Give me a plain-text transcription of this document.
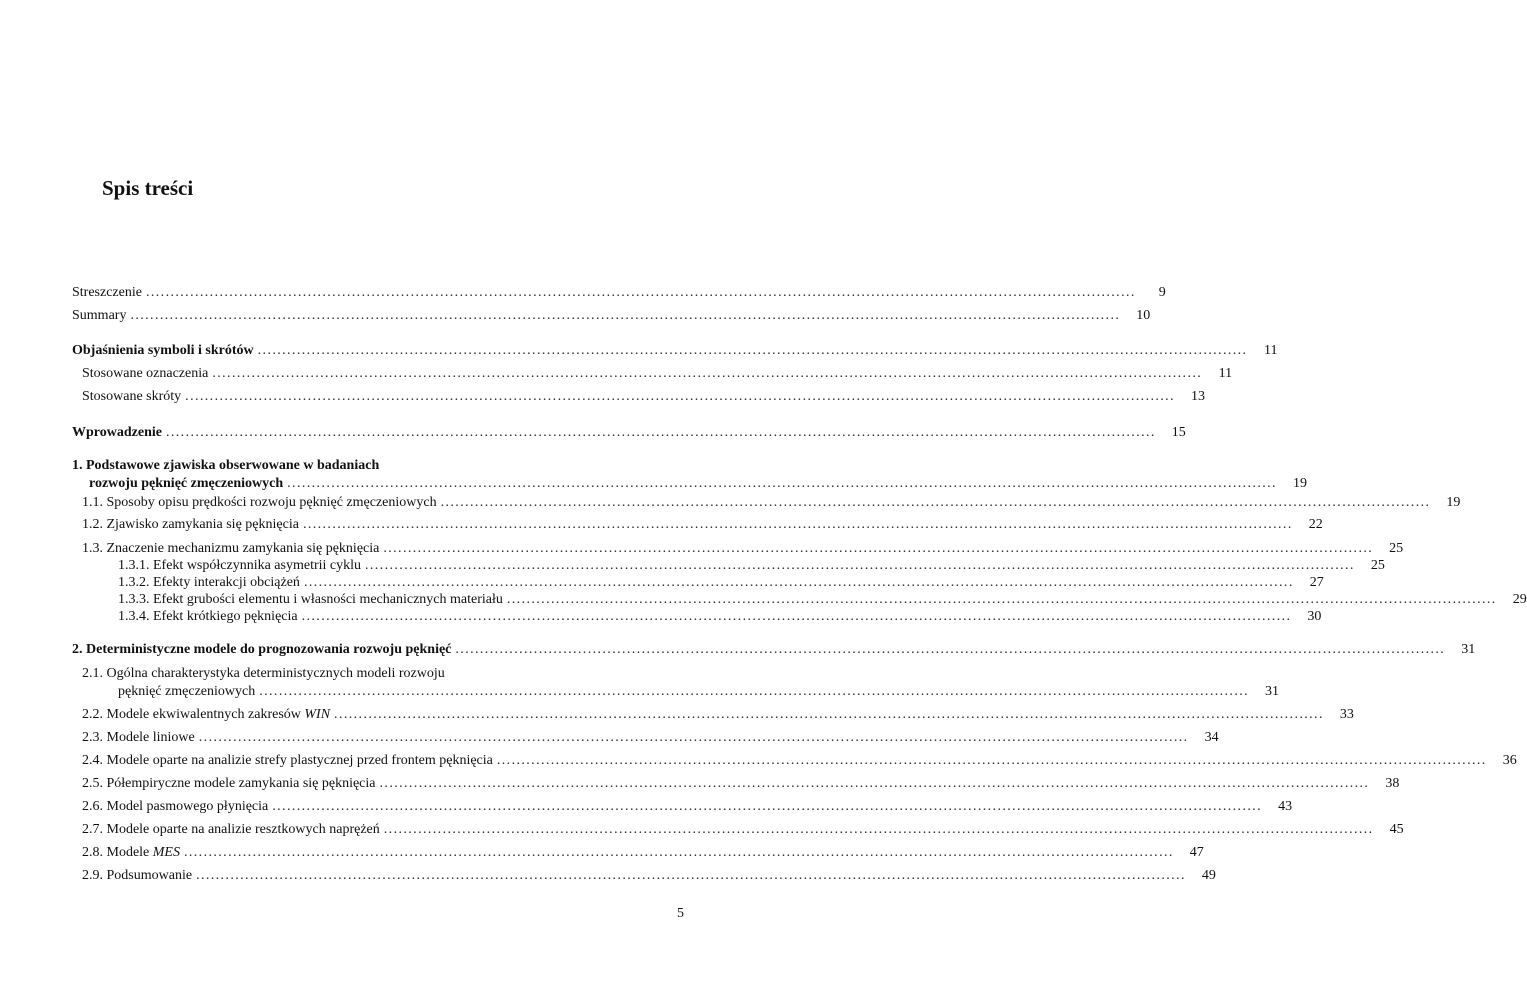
Spis treści
Streszczenie ..........................................................................................................................................................................................................	9
Summary ..........................................................................................................................................................................................................	10
Objaśnienia symboli i skrótów ..........................................................................................................................................................................................................	11
Stosowane oznaczenia ..........................................................................................................................................................................................................	11
Stosowane skróty ..........................................................................................................................................................................................................	13
Wprowadzenie ..........................................................................................................................................................................................................	15
1. Podstawowe zjawiska obserwowane w badaniach
rozwoju pęknięć zmęczeniowych ..........................................................................................................................................................................................................	19
1.1. Sposoby opisu prędkości rozwoju pęknięć zmęczeniowych ..........................................................................................................................................................................................................	19
1.2. Zjawisko zamykania się pęknięcia ..........................................................................................................................................................................................................	22
1.3. Znaczenie mechanizmu zamykania się pęknięcia ..........................................................................................................................................................................................................	25
1.3.1. Efekt współczynnika asymetrii cyklu ..........................................................................................................................................................................................................	25
1.3.2. Efekty interakcji obciążeń ..........................................................................................................................................................................................................	27
1.3.3. Efekt grubości elementu i własności mechanicznych materiału ..........................................................................................................................................................................................................	29
1.3.4. Efekt krótkiego pęknięcia ..........................................................................................................................................................................................................	30
2. Deterministyczne modele do prognozowania rozwoju pęknięć ..........................................................................................................................................................................................................	31
2.1. Ogólna charakterystyka deterministycznych modeli rozwoju
pęknięć zmęczeniowych ..........................................................................................................................................................................................................	31
2.2. Modele ekwiwalentnych zakresów WIN ..........................................................................................................................................................................................................	33
2.3. Modele liniowe ..........................................................................................................................................................................................................	34
2.4. Modele oparte na analizie strefy plastycznej przed frontem pęknięcia ..........................................................................................................................................................................................................	36
2.5. Półempiryczne modele zamykania się pęknięcia ..........................................................................................................................................................................................................	38
2.6. Model pasmowego płynięcia ..........................................................................................................................................................................................................	43
2.7. Modele oparte na analizie resztkowych naprężeń ..........................................................................................................................................................................................................	45
2.8. Modele MES ..........................................................................................................................................................................................................	47
2.9. Podsumowanie ..........................................................................................................................................................................................................	49
5
